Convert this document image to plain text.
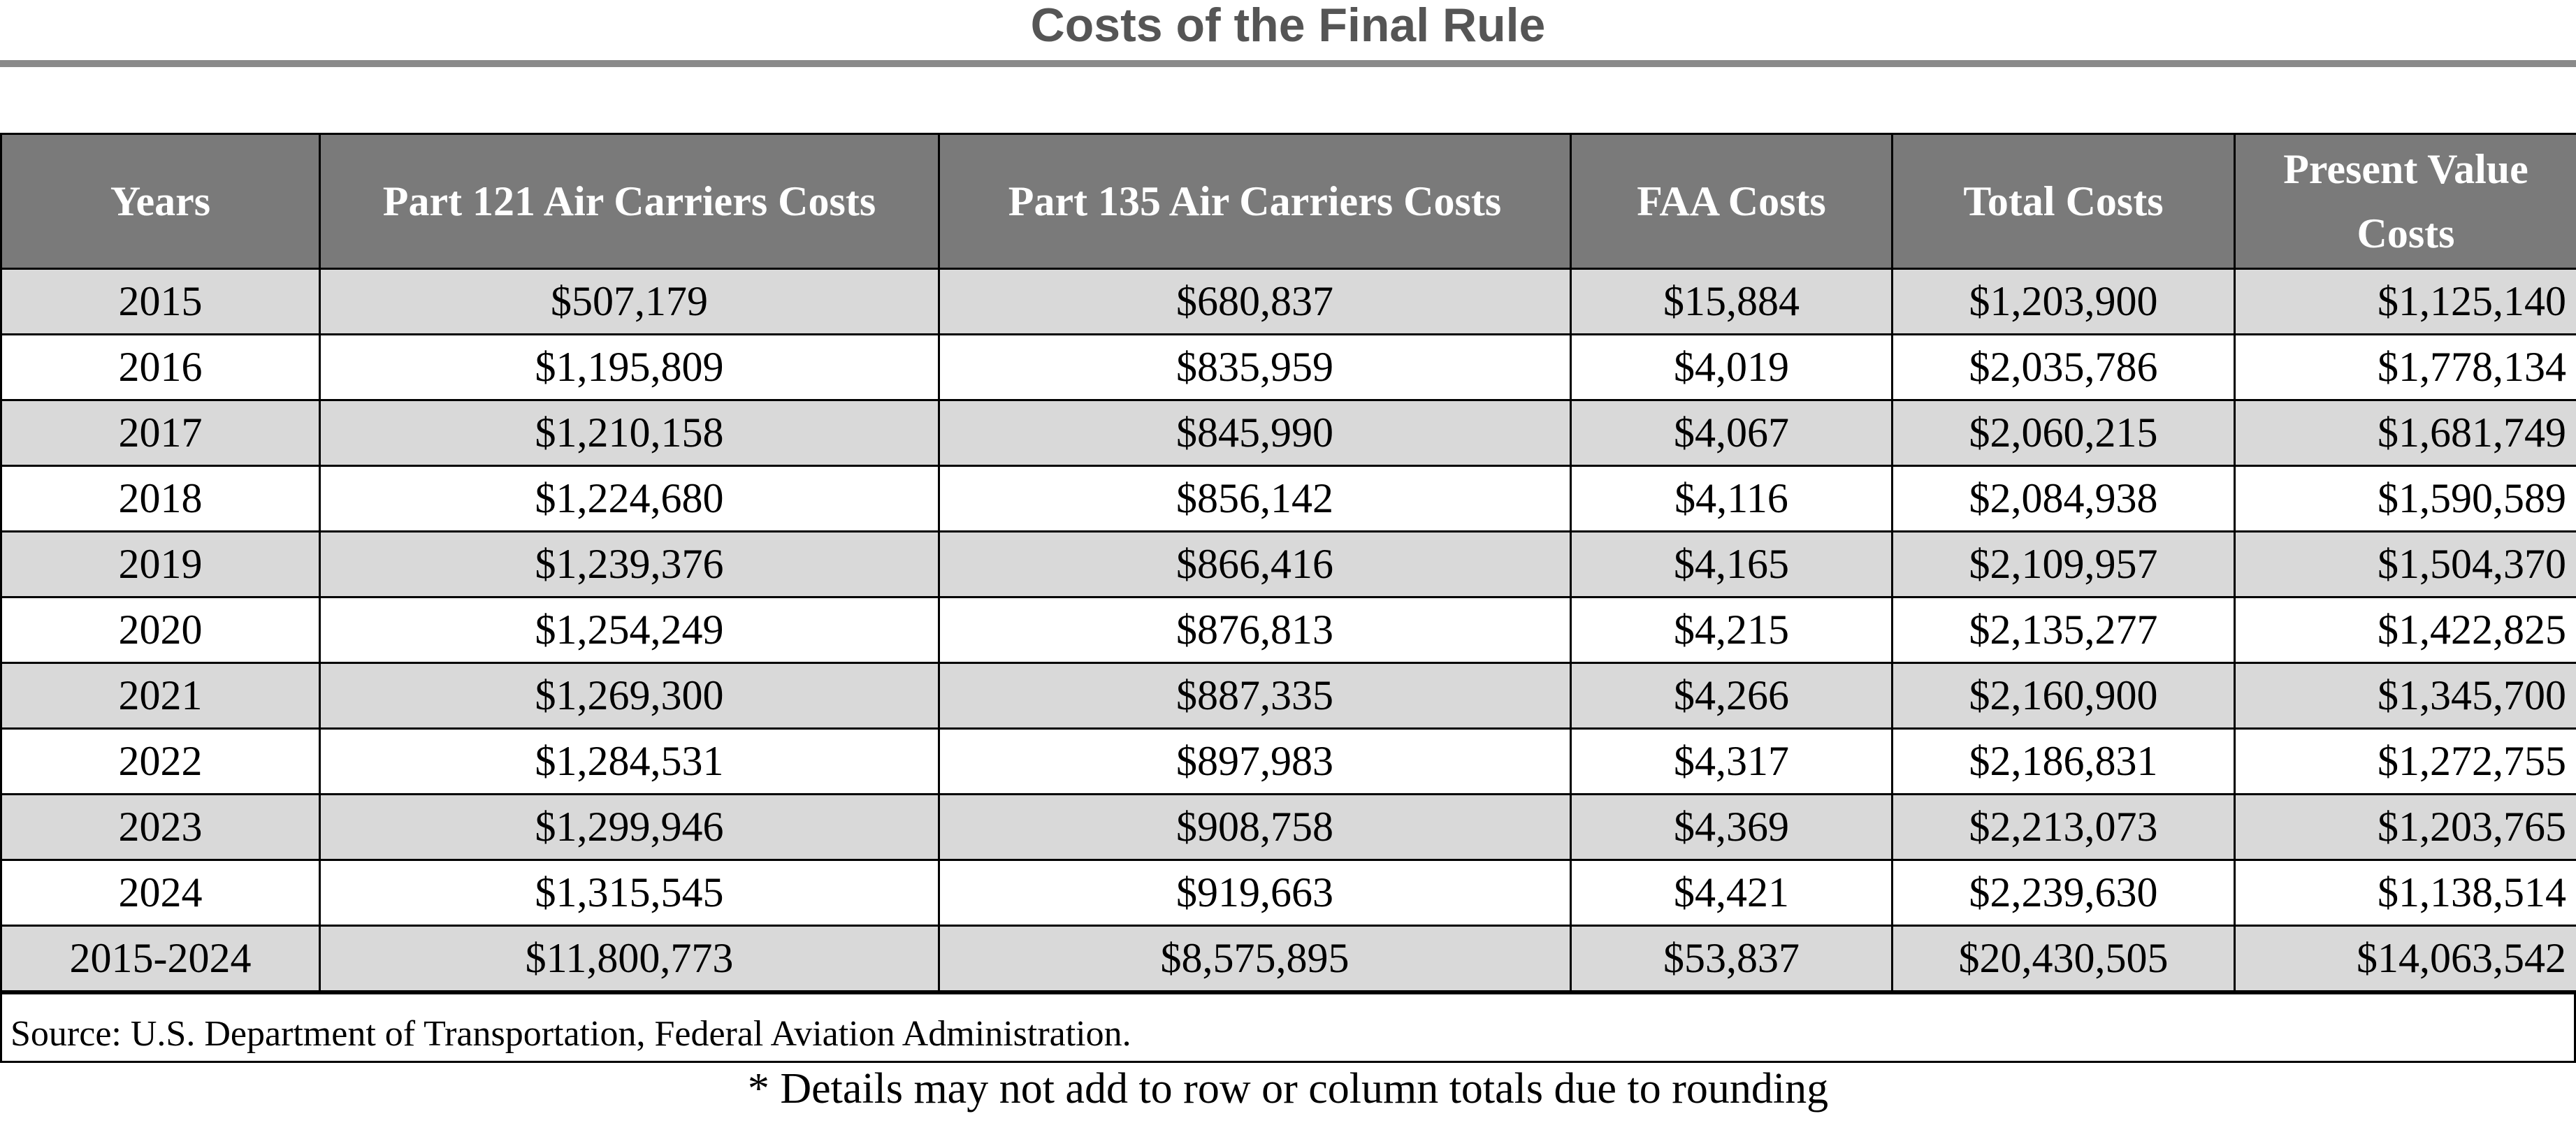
Costs of the Final Rule
Years	Part 121 Air Carriers Costs	Part 135 Air Carriers Costs	FAA Costs	Total Costs	Present Value Costs
2015	$507,179	$680,837	$15,884	$1,203,900	$1,125,140
2016	$1,195,809	$835,959	$4,019	$2,035,786	$1,778,134
2017	$1,210,158	$845,990	$4,067	$2,060,215	$1,681,749
2018	$1,224,680	$856,142	$4,116	$2,084,938	$1,590,589
2019	$1,239,376	$866,416	$4,165	$2,109,957	$1,504,370
2020	$1,254,249	$876,813	$4,215	$2,135,277	$1,422,825
2021	$1,269,300	$887,335	$4,266	$2,160,900	$1,345,700
2022	$1,284,531	$897,983	$4,317	$2,186,831	$1,272,755
2023	$1,299,946	$908,758	$4,369	$2,213,073	$1,203,765
2024	$1,315,545	$919,663	$4,421	$2,239,630	$1,138,514
2015-2024	$11,800,773	$8,575,895	$53,837	$20,430,505	$14,063,542
Source: U.S. Department of Transportation, Federal Aviation Administration.
* Details may not add to row or column totals due to rounding
